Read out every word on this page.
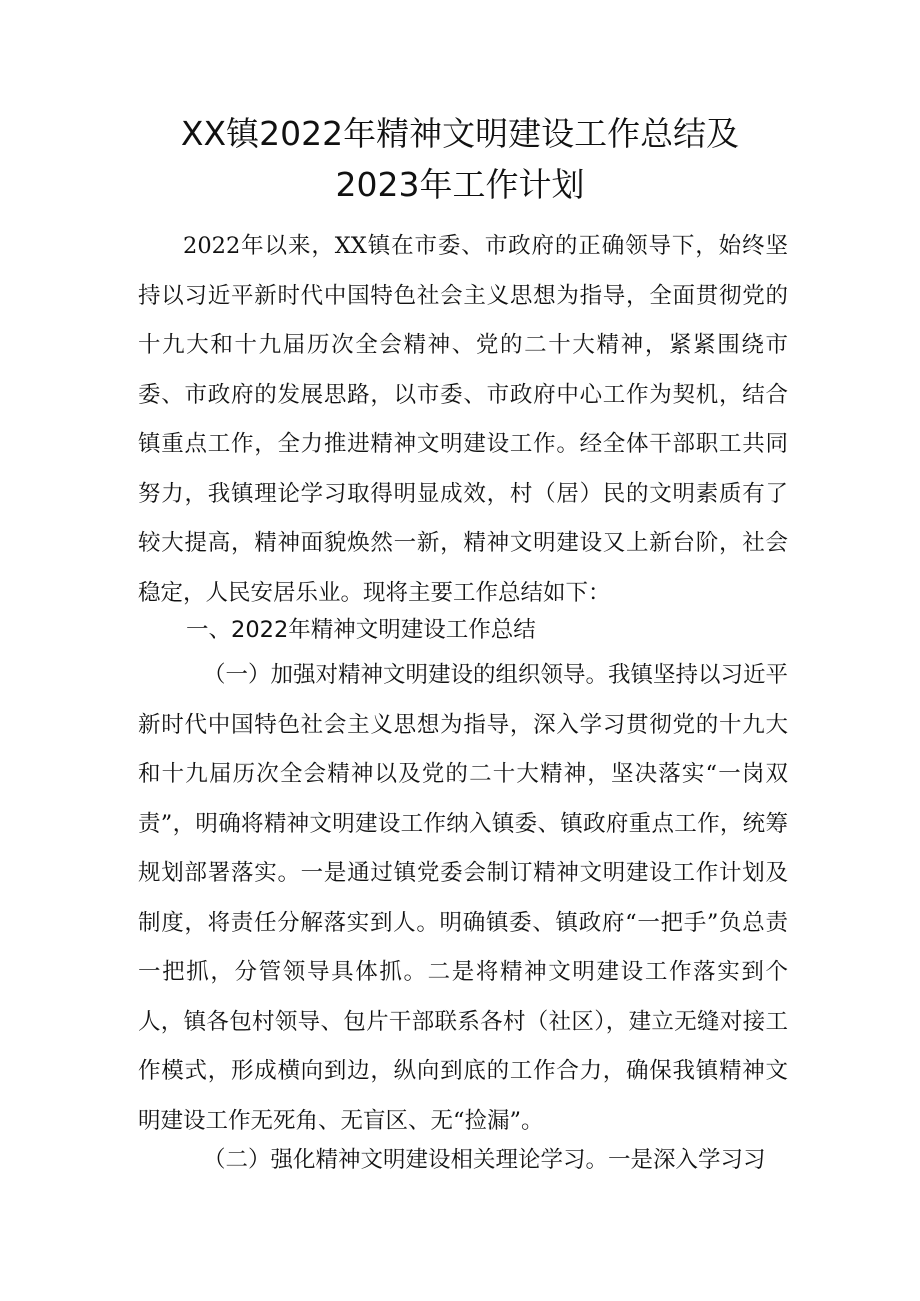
XX镇2022年精神文明建设工作总结及
2023年工作计划
2022年以来，XX镇在市委、市政府的正确领导下，始终坚持以习近平新时代中国特色社会主义思想为指导，全面贯彻党的十九大和十九届历次全会精神、党的二十大精神，紧紧围绕市委、市政府的发展思路，以市委、市政府中心工作为契机，结合镇重点工作，全力推进精神文明建设工作。经全体干部职工共同努力，我镇理论学习取得明显成效，村（居）民的文明素质有了较大提高，精神面貌焕然一新，精神文明建设又上新台阶，社会稳定，人民安居乐业。现将主要工作总结如下：
一、2022年精神文明建设工作总结
（一）加强对精神文明建设的组织领导。我镇坚持以习近平新时代中国特色社会主义思想为指导，深入学习贯彻党的十九大和十九届历次全会精神以及党的二十大精神，坚决落实“一岗双责”，明确将精神文明建设工作纳入镇委、镇政府重点工作，统筹规划部署落实。一是通过镇党委会制订精神文明建设工作计划及制度，将责任分解落实到人。明确镇委、镇政府“一把手”负总责一把抓，分管领导具体抓。二是将精神文明建设工作落实到个人，镇各包村领导、包片干部联系各村（社区），建立无缝对接工作模式，形成横向到边，纵向到底的工作合力，确保我镇精神文明建设工作无死角、无盲区、无“捡漏”。
（二）强化精神文明建设相关理论学习。一是深入学习习
